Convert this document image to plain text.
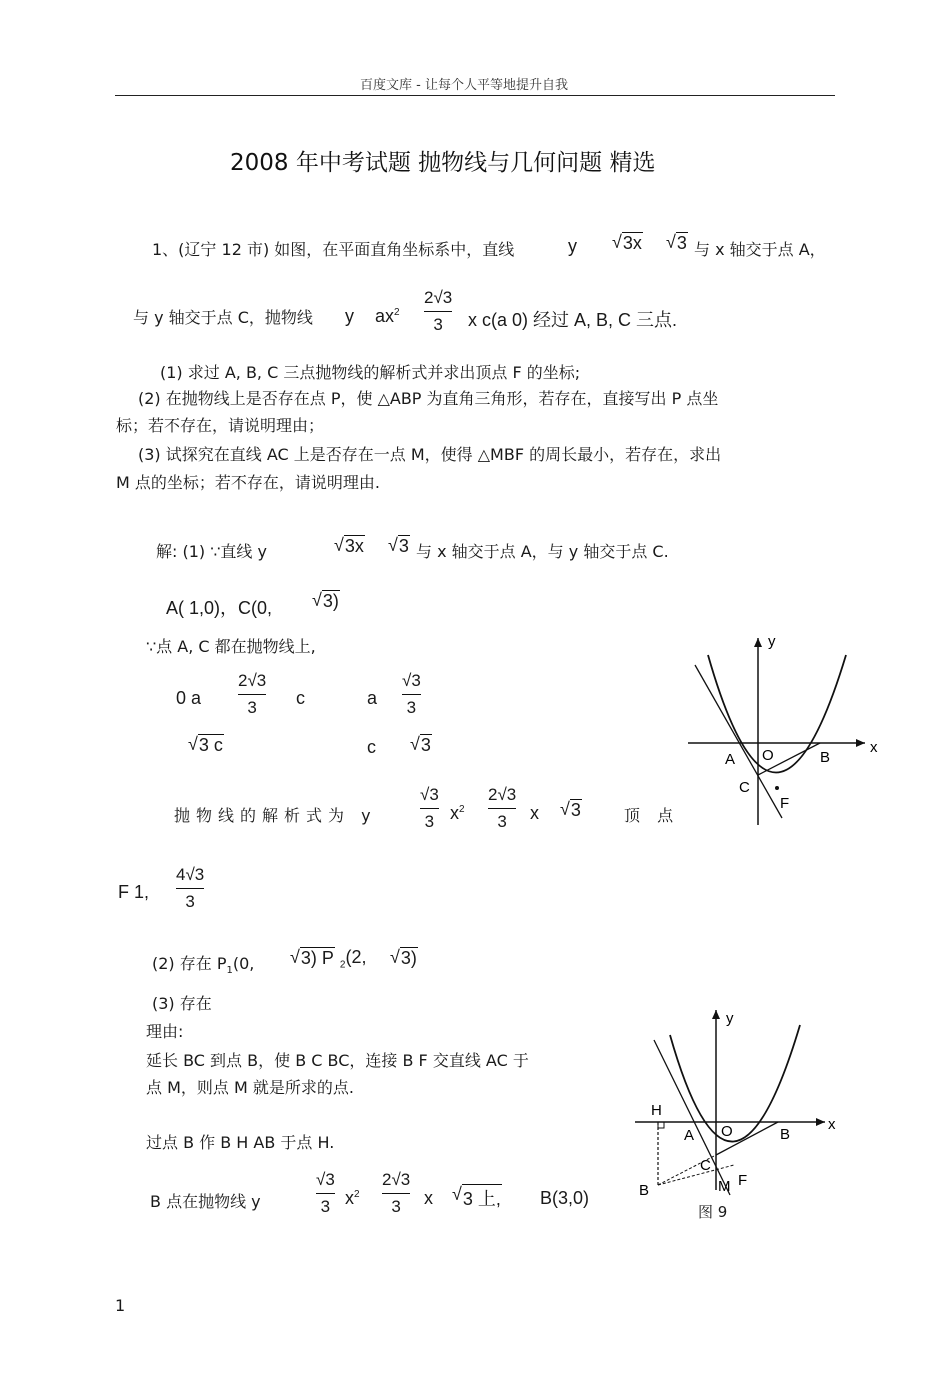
百度文库 - 让每个人平等地提升自我
2008 年中考试题 抛物线与几何问题 精选
1、(辽宁 12 市) 如图，在平面直角坐标系中，直线	y √ 3x √ 3 与 x 轴交于点 A，
与 y 轴交于点 C，抛物线 y $ax^2$
2√3
3 x c(a 0) 经过 A, B, C 三点.
(1) 求过 A, B, C 三点抛物线的解析式并求出顶点 F 的坐标;
(2) 在抛物线上是否存在点 P，使 △ABP 为直角三角形，若存在，直接写出 P 点坐
标；若不存在，请说明理由；
(3) 试探究在直线 AC 上是否存在一点 M，使得 △MBF 的周长最小，若存在，求出
M 点的坐标；若不存在，请说明理由.
解: (1) ∵直线 y	√ 3x √ 3 与 x 轴交于点 A，与 y 轴交于点 C.
A( 1,0)，C(0, √ 3)
∵点 A, C 都在抛物线上,
0 a
2√3
3 c	a
√3
3
√ 3 c	c √ 3
抛物线的解析式为 y
√3
3 $x^2$
2√3
3 x √ 3	顶 点
F 1,
4√3
3
(2) 存在 $P_1(0$, √ 3) P $_2$(2, √ 3)
(3) 存在
理由:
延长 BC 到点 B，使 B C BC，连接 B F 交直线 AC 于
点 M，则点 M 就是所求的点.
过点 B 作 B H AB 于点 H.
B 点在抛物线 y
√3
3 $x^2$
2√3
3 x √ 3 上, B(3,0)
y
x
A O	B
C
F
y
x
H
A O	B
C
F
B	M
图 9
1
